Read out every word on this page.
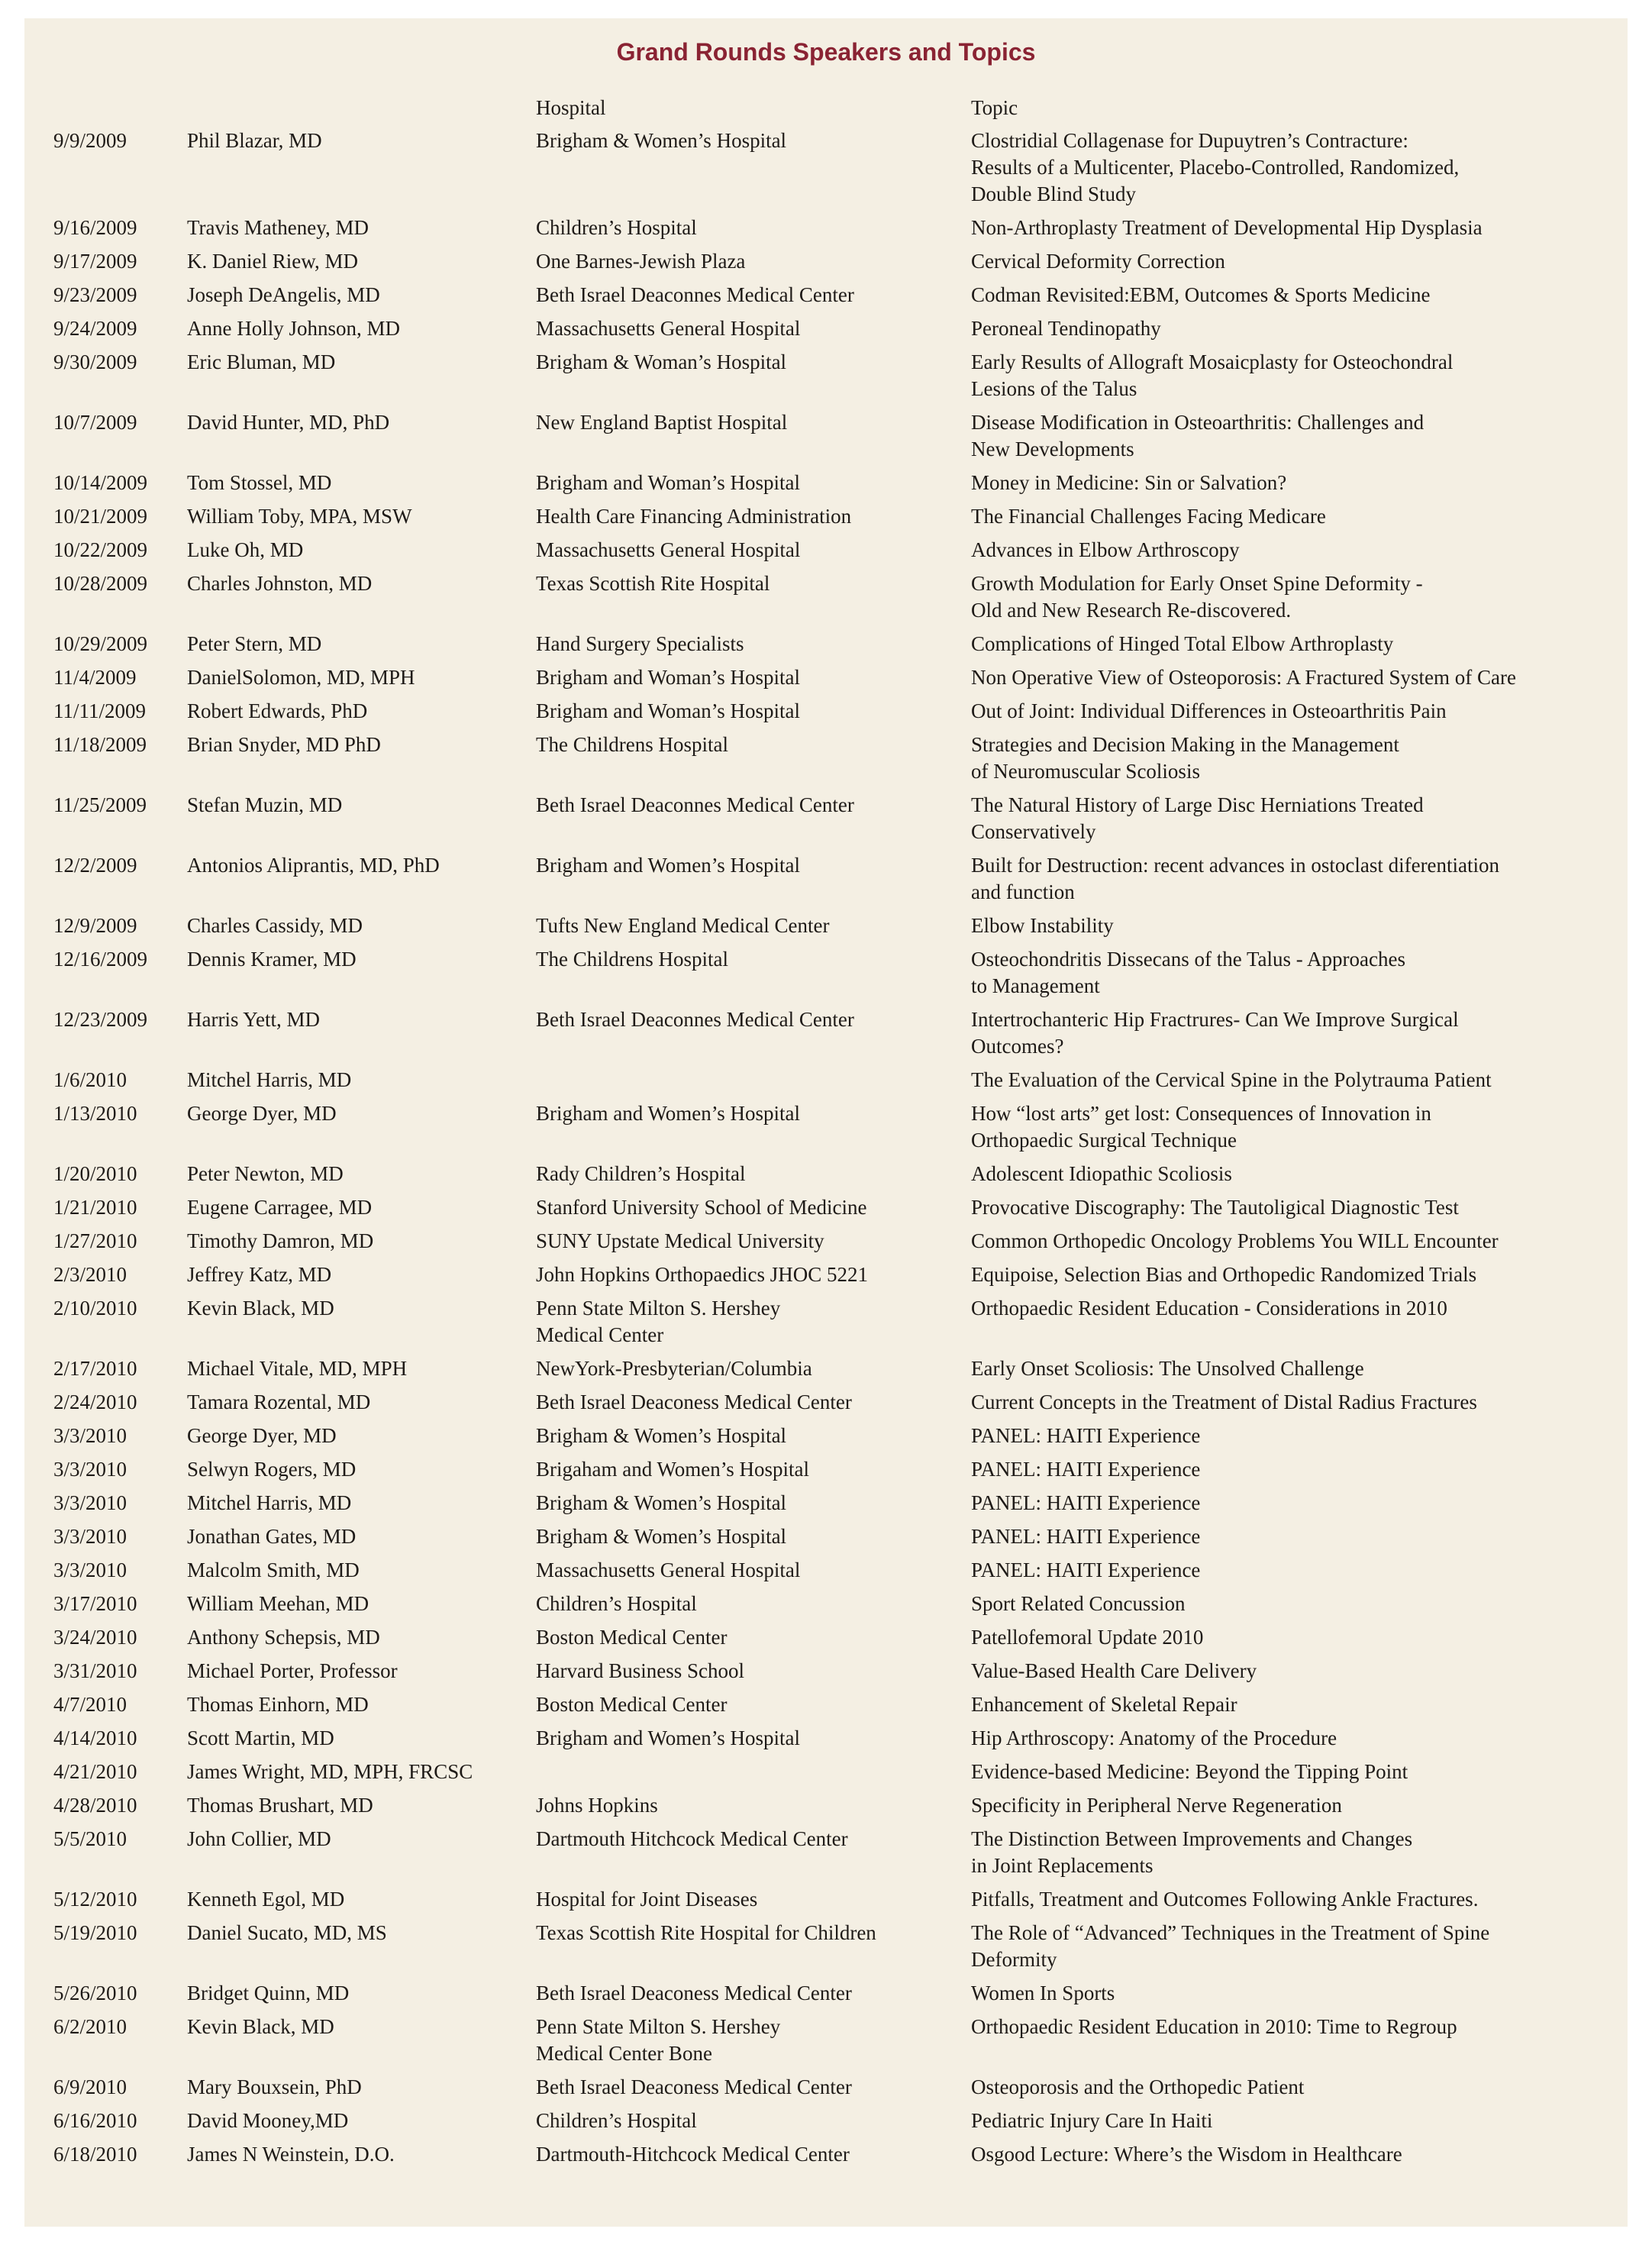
Grand Rounds Speakers and Topics
		Hospital	Topic
9/9/2009	Phil Blazar, MD	Brigham & Women’s Hospital	Clostridial Collagenase for Dupuytren’s Contracture:
Results of a Multicenter, Placebo-Controlled, Randomized,
Double Blind Study
9/16/2009	Travis Matheney, MD	Children’s Hospital	Non-Arthroplasty Treatment of Developmental Hip Dysplasia
9/17/2009	K. Daniel Riew, MD	One Barnes-Jewish Plaza	Cervical Deformity Correction
9/23/2009	Joseph DeAngelis, MD	Beth Israel Deaconnes Medical Center	Codman Revisited:EBM, Outcomes & Sports Medicine
9/24/2009	Anne Holly Johnson, MD	Massachusetts General Hospital	Peroneal Tendinopathy
9/30/2009	Eric Bluman, MD	Brigham & Woman’s Hospital	Early Results of Allograft Mosaicplasty for Osteochondral
Lesions of the Talus
10/7/2009	David Hunter, MD, PhD	New England Baptist Hospital	Disease Modification in Osteoarthritis: Challenges and
New Developments
10/14/2009	Tom Stossel, MD	Brigham and Woman’s Hospital	Money in Medicine: Sin or Salvation?
10/21/2009	William Toby, MPA, MSW	Health Care Financing Administration	The Financial Challenges Facing Medicare
10/22/2009	Luke Oh, MD	Massachusetts General Hospital	Advances in Elbow Arthroscopy
10/28/2009	Charles Johnston, MD	Texas Scottish Rite Hospital	Growth Modulation for Early Onset Spine Deformity -
Old and New Research Re-discovered.
10/29/2009	Peter Stern, MD	Hand Surgery Specialists	Complications of Hinged Total Elbow Arthroplasty
11/4/2009	DanielSolomon, MD, MPH	Brigham and Woman’s Hospital	Non Operative View of Osteoporosis: A Fractured System of Care
11/11/2009	Robert Edwards, PhD	Brigham and Woman’s Hospital	Out of Joint: Individual Differences in Osteoarthritis Pain
11/18/2009	Brian Snyder, MD PhD	The Childrens Hospital	Strategies and Decision Making in the Management
of Neuromuscular Scoliosis
11/25/2009	Stefan Muzin, MD	Beth Israel Deaconnes Medical Center	The Natural History of Large Disc Herniations Treated
Conservatively
12/2/2009	Antonios Aliprantis, MD, PhD	Brigham and Women’s Hospital	Built for Destruction: recent advances in ostoclast diferentiation
and function
12/9/2009	Charles Cassidy, MD	Tufts New England Medical Center	Elbow Instability
12/16/2009	Dennis Kramer, MD	The Childrens Hospital	Osteochondritis Dissecans of the Talus - Approaches
to Management
12/23/2009	Harris Yett, MD	Beth Israel Deaconnes Medical Center	Intertrochanteric Hip Fractrures- Can We Improve Surgical
Outcomes?
1/6/2010	Mitchel Harris, MD		The Evaluation of the Cervical Spine in the Polytrauma Patient
1/13/2010	George Dyer, MD	Brigham and Women’s Hospital	How “lost arts” get lost: Consequences of Innovation in
Orthopaedic Surgical Technique
1/20/2010	Peter Newton, MD	Rady Children’s Hospital	Adolescent Idiopathic Scoliosis
1/21/2010	Eugene Carragee, MD	Stanford University School of Medicine	Provocative Discography: The Tautoligical Diagnostic Test
1/27/2010	Timothy Damron, MD	SUNY Upstate Medical University	Common Orthopedic Oncology Problems You WILL Encounter
2/3/2010	Jeffrey Katz, MD	John Hopkins Orthopaedics JHOC 5221	Equipoise, Selection Bias and Orthopedic Randomized Trials
2/10/2010	Kevin Black, MD	Penn State Milton S. Hershey
Medical Center	Orthopaedic Resident Education - Considerations in 2010
2/17/2010	Michael Vitale, MD, MPH	NewYork-Presbyterian/Columbia	Early Onset Scoliosis: The Unsolved Challenge
2/24/2010	Tamara Rozental, MD	Beth Israel Deaconess Medical Center	Current Concepts in the Treatment of Distal Radius Fractures
3/3/2010	George Dyer, MD	Brigham & Women’s Hospital	PANEL: HAITI Experience
3/3/2010	Selwyn Rogers, MD	Brigaham and Women’s Hospital	PANEL: HAITI Experience
3/3/2010	Mitchel Harris, MD	Brigham & Women’s Hospital	PANEL: HAITI Experience
3/3/2010	Jonathan Gates, MD	Brigham & Women’s Hospital	PANEL: HAITI Experience
3/3/2010	Malcolm Smith, MD	Massachusetts General Hospital	PANEL: HAITI Experience
3/17/2010	William Meehan, MD	Children’s Hospital	Sport Related Concussion
3/24/2010	Anthony Schepsis, MD	Boston Medical Center	Patellofemoral Update 2010
3/31/2010	Michael Porter, Professor	Harvard Business School	Value-Based Health Care Delivery
4/7/2010	Thomas Einhorn, MD	Boston Medical Center	Enhancement of Skeletal Repair
4/14/2010	Scott Martin, MD	Brigham and Women’s Hospital	Hip Arthroscopy: Anatomy of the Procedure
4/21/2010	James Wright, MD, MPH, FRCSC		Evidence-based Medicine: Beyond the Tipping Point
4/28/2010	Thomas Brushart, MD	Johns Hopkins	Specificity in Peripheral Nerve Regeneration
5/5/2010	John Collier, MD	Dartmouth Hitchcock Medical Center	The Distinction Between Improvements and Changes
in Joint Replacements
5/12/2010	Kenneth Egol, MD	Hospital for Joint Diseases	Pitfalls, Treatment and Outcomes Following Ankle Fractures.
5/19/2010	Daniel Sucato, MD, MS	Texas Scottish Rite Hospital for Children	The Role of “Advanced” Techniques in the Treatment of Spine
Deformity
5/26/2010	Bridget Quinn, MD	Beth Israel Deaconess Medical Center	Women In Sports
6/2/2010	Kevin Black, MD	Penn State Milton S. Hershey
Medical Center Bone	Orthopaedic Resident Education in 2010: Time to Regroup
6/9/2010	Mary Bouxsein, PhD	Beth Israel Deaconess Medical Center	Osteoporosis and the Orthopedic Patient
6/16/2010	David Mooney,MD	Children’s Hospital	Pediatric Injury Care In Haiti
6/18/2010	James N Weinstein, D.O.	Dartmouth-Hitchcock Medical Center	Osgood Lecture: Where’s the Wisdom in Healthcare
